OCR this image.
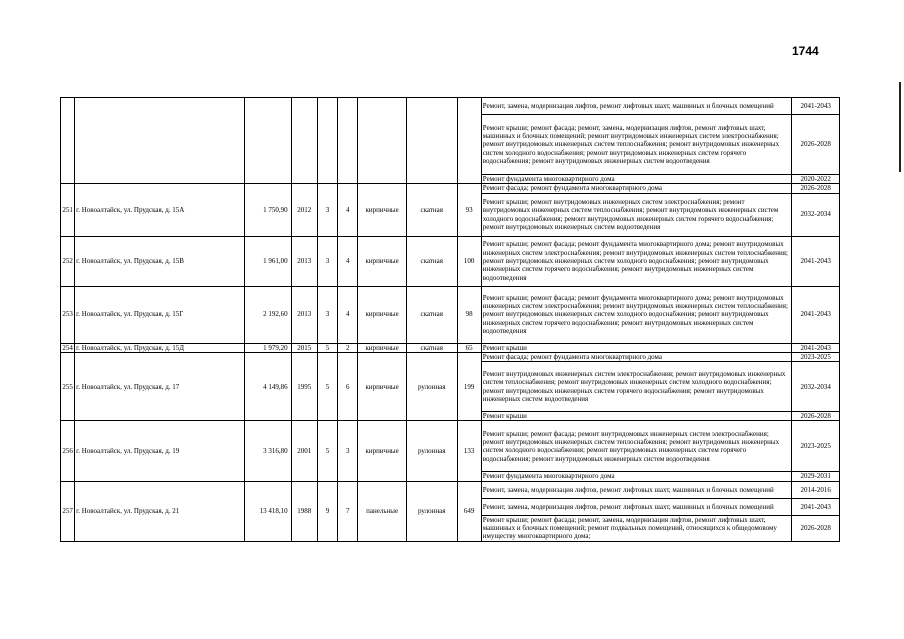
1744
									Ремонт, замена, модернизация лифтов, ремонт лифтовых шахт, машинных и блочных помещений	2041-2043
									Ремонт крыши; ремонт фасада; ремонт, замена, модернизация лифтов, ремонт лифтовых шахт, машинных и блочных помещений; ремонт внутридомовых инженерных систем электроснабжения; ремонт внутридомовых инженерных систем теплоснабжения; ремонт внутридомовых инженерных систем холодного водоснабжения; ремонт внутридомовых инженерных систем горячего водоснабжения; ремонт внутридомовых инженерных систем водоотведения	2026-2028
									Ремонт фундамента многоквартирного дома	2020-2022
251	г. Новоалтайск, ул. Прудская, д. 15А	1 750,90	2012	3	4	кирпичные	скатная	93	Ремонт фасада; ремонт фундамента многоквартирного дома	2026-2028
									Ремонт крыши; ремонт внутридомовых инженерных систем электроснабжения; ремонт внутридомовых инженерных систем теплоснабжения; ремонт внутридомовых инженерных систем холодного водоснабжения; ремонт внутридомовых инженерных систем горячего водоснабжения; ремонт внутридомовых инженерных систем водоотведения	2032-2034
252	г. Новоалтайск, ул. Прудская, д. 15В	1 961,00	2013	3	4	кирпичные	скатная	100	Ремонт крыши; ремонт фасада; ремонт фундамента многоквартирного дома; ремонт внутридомовых инженерных систем электроснабжения; ремонт внутридомовых инженерных систем теплоснабжения; ремонт внутридомовых инженерных систем холодного водоснабжения; ремонт внутридомовых инженерных систем горячего водоснабжения; ремонт внутридомовых инженерных систем водоотведения	2041-2043
253	г. Новоалтайск, ул. Прудская, д. 15Г	2 192,60	2013	3	4	кирпичные	скатная	98	Ремонт крыши; ремонт фасада; ремонт фундамента многоквартирного дома; ремонт внутридомовых инженерных систем электроснабжения; ремонт внутридомовых инженерных систем теплоснабжения; ремонт внутридомовых инженерных систем холодного водоснабжения; ремонт внутридомовых инженерных систем горячего водоснабжения; ремонт внутридомовых инженерных систем водоотведения	2041-2043
254	г. Новоалтайск, ул. Прудская, д. 15Д	1 979,20	2015	5	2	кирпичные	скатная	65	Ремонт крыши	2041-2043
255	г. Новоалтайск, ул. Прудская, д. 17	4 149,86	1995	5	6	кирпичные	рулонная	199	Ремонт фасада; ремонт фундамента многоквартирного дома	2023-2025
									Ремонт внутридомовых инженерных систем электроснабжения; ремонт внутридомовых инженерных систем теплоснабжения; ремонт внутридомовых инженерных систем холодного водоснабжения; ремонт внутридомовых инженерных систем горячего водоснабжения; ремонт внутридомовых инженерных систем водоотведения	2032-2034
									Ремонт крыши	2026-2028
256	г. Новоалтайск, ул. Прудская, д. 19	3 316,80	2001	5	3	кирпичные	рулонная	133	Ремонт крыши; ремонт фасада; ремонт внутридомовых инженерных систем электроснабжения; ремонт внутридомовых инженерных систем теплоснабжения; ремонт внутридомовых инженерных систем холодного водоснабжения; ремонт внутридомовых инженерных систем горячего водоснабжения; ремонт внутридомовых инженерных систем водоотведения	2023-2025
									Ремонт фундамента многоквартирного дома	2029-2031
257	г. Новоалтайск, ул. Прудская, д. 21	13 418,10	1988	9	7	панельные	рулонная	649	Ремонт, замена, модернизация лифтов, ремонт лифтовых шахт, машинных и блочных помещений	2014-2016
									Ремонт, замена, модернизация лифтов, ремонт лифтовых шахт, машинных и блочных помещений	2041-2043
									Ремонт крыши; ремонт фасада; ремонт, замена, модернизация лифтов, ремонт лифтовых шахт, машинных и блочных помещений; ремонт подвальных помещений, относящихся к общедомовому имуществу многоквартирного дома;	2026-2028
